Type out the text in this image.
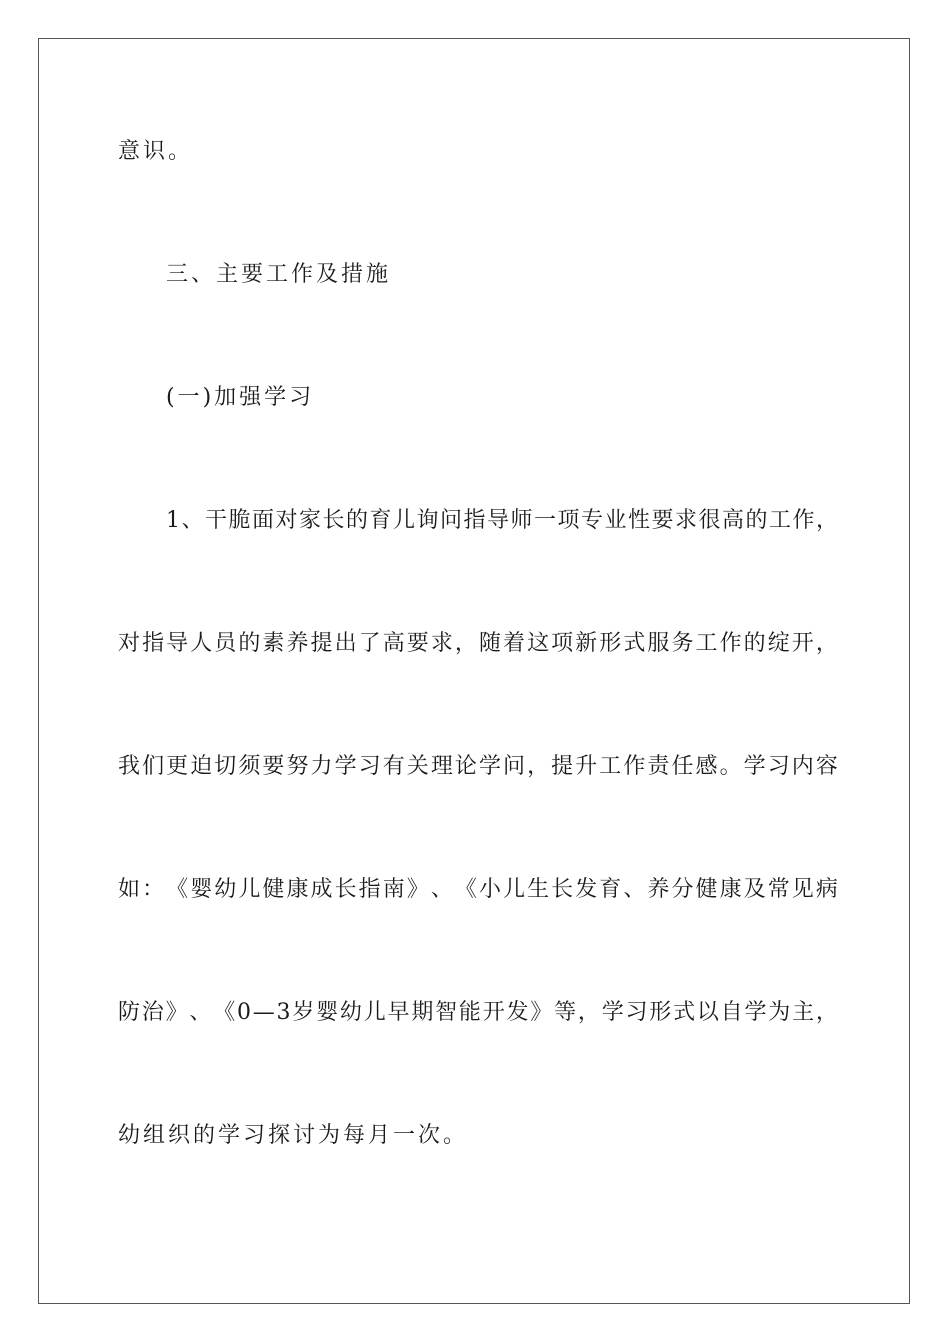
意识。
三、主要工作及措施
(一)加强学习
1 、 干 脆 面 对 家 长 的 育 儿 询 问 指 导 师 一 项 专 业 性 要 求 很 高 的 工 作 ，
对 指 导 人 员 的 素 养 提 出 了 高 要 求 ， 随 着 这 项 新 形 式 服 务 工 作 的 绽 开 ，
我 们 更 迫 切 须 要 努 力 学 习 有 关 理 论 学 问 ， 提 升 工 作 责 任 感 。 学 习 内 容
如 ： 《 婴 幼 儿 健 康 成 长 指 南 》 、 《 小 儿 生 长 发 育 、 养 分 健 康 及 常 见 病
防 治 》 、 《 0 — 3 岁 婴 幼 儿 早 期 智 能 开 发 》 等 ， 学 习 形 式 以 自 学 为 主 ，
幼组织的学习探讨为每月一次。
